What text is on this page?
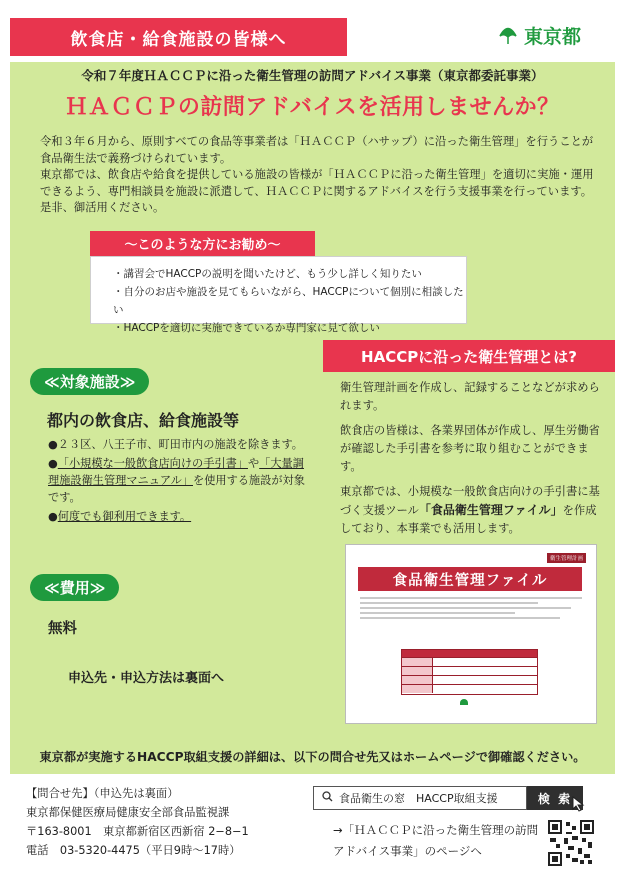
飲食店・給食施設の皆様へ	東京都
令和７年度ＨＡＣＣＰに沿った衛生管理の訪問アドバイス事業（東京都委託事業）
ＨＡＣＣＰの訪問アドバイスを活用しませんか？

令和３年６月から、原則すべての食品等事業者は「ＨＡＣＣＰ（ハサップ）に沿った衛生管理」を行うことが食品衛生法で義務づけられています。

東京都では、飲食店や給食を提供している施設の皆様が「ＨＡＣＣＰに沿った衛生管理」を適切に実施・運用できるよう、専門相談員を施設に派遣して、ＨＡＣＣＰに関するアドバイスを行う支援事業を行っています。是非、御活用ください。

～このような方にお勧め～
・講習会でHACCPの説明を聞いたけど、もう少し詳しく知りたい
・自分のお店や施設を見てもらいながら、HACCPについて個別に相談したい
・HACCPを適切に実施できているか専門家に見て欲しい
≪対象施設≫
都内の飲食店、給食施設等
●２３区、八王子市、町田市内の施設を除きます。
●「小規模な一般飲食店向けの手引書」や「大量調理施設衛生管理マニュアル」を使用する施設が対象です。
●何度でも御利用できます。
≪費用≫
無料
申込先・申込方法は裏面へ
HACCPに沿った衛生管理とは?

衛生管理計画を作成し、記録することなどが求められます。

飲食店の皆様は、各業界団体が作成し、厚生労働省が確認した手引書を参考に取り組むことができます。

東京都では、小規模な一般飲食店向けの手引書に基づく支援ツール「食品衛生管理ファイル」を作成しており、本事業でも活用します。

衛生管理計画
食品衛生管理ファイル
東京都が実施するHACCP取組支援の詳細は、以下の問合せ先又はホームページで御確認ください。
【問合せ先】（申込先は裏面）
東京都保健医療局健康安全部食品監視課
〒163-8001　東京都新宿区西新宿 2−8−1
電話　03-5320-4475（平日9時～17時）
食品衛生の窓　HACCP取組支援	検 索
→「ＨＡＣＣＰに沿った衛生管理の訪問アドバイス事業」のページへ
